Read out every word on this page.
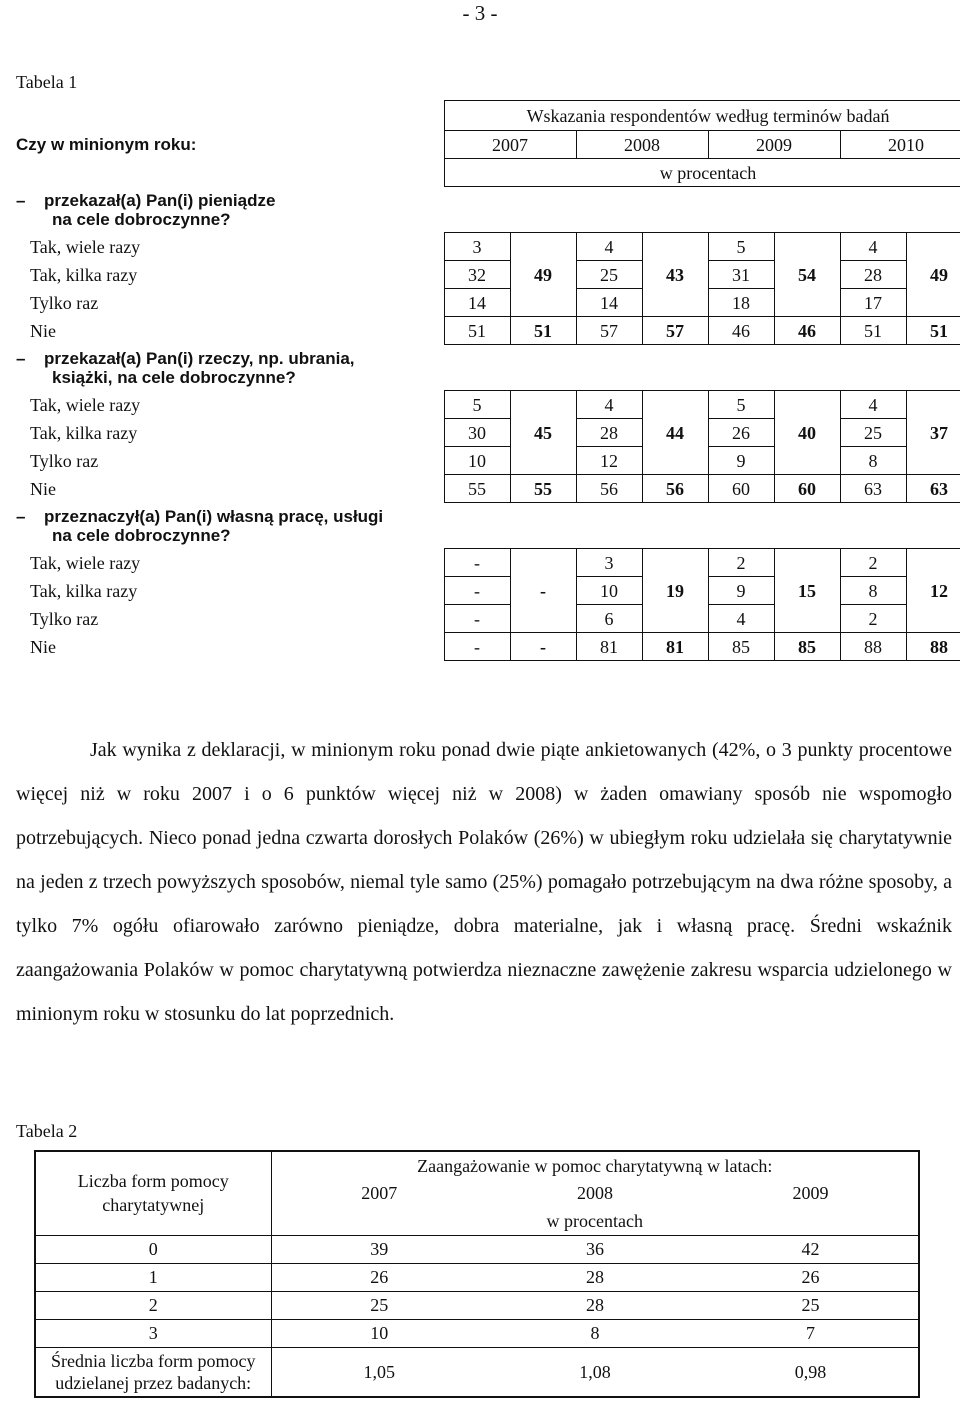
- 3 -
Tabela 1
	Wskazania respondentów według terminów badań							
Czy w minionym roku:	2007		2008		2009		2010	
	w procentach							
– przekazał(a) Pan(i) pieniądze
na cele dobroczynne?								

Tak, wiele razy	3	49	4	43	5	54	4	49
Tak, kilka razy	32		25		31		28	
Tylko raz	14		14		18		17	
Nie	51	51	57	57	46	46	51	51
– przekazał(a) Pan(i) rzeczy, np. ubrania,
książki, na cele dobroczynne?								

Tak, wiele razy	5	45	4	44	5	40	4	37
Tak, kilka razy	30		28		26		25	
Tylko raz	10		12		9		8	
Nie	55	55	56	56	60	60	63	63
– przeznaczył(a) Pan(i) własną pracę, usługi
na cele dobroczynne?								

Tak, wiele razy	-	-	3	19	2	15	2	12
Tak, kilka razy	-		10		9		8	
Tylko raz	-		6		4		2	
Nie	-	-	81	81	85	85	88	88

Jak wynika z deklaracji, w minionym roku ponad dwie piąte ankietowanych (42%, o 3 punkty procentowe więcej niż w roku 2007 i o 6 punktów więcej niż w 2008) w żaden omawiany sposób nie wspomogło potrzebujących. Nieco ponad jedna czwarta dorosłych Polaków (26%) w ubiegłym roku udzielała się charytatywnie na jeden z trzech powyższych sposobów, niemal tyle samo (25%) pomagało potrzebującym na dwa różne sposoby, a tylko 7% ogółu ofiarowało zarówno pieniądze, dobra materialne, jak i własną pracę. Średni wskaźnik zaangażowania Polaków w pomoc charytatywną potwierdza nieznaczne zawężenie zakresu wsparcia udzielonego w minionym roku w stosunku do lat poprzednich.

Tabela 2
Liczba form pomocy charytatywnej	Zaangażowanie w pomoc charytatywną w latach:		
	2007	2008	2009
	w procentach		
0	39	36	42
1	26	28	26
2	25	28	25
3	10	8	7
Średnia liczba form pomocy udzielanej przez badanych:	1,05	1,08	0,98
